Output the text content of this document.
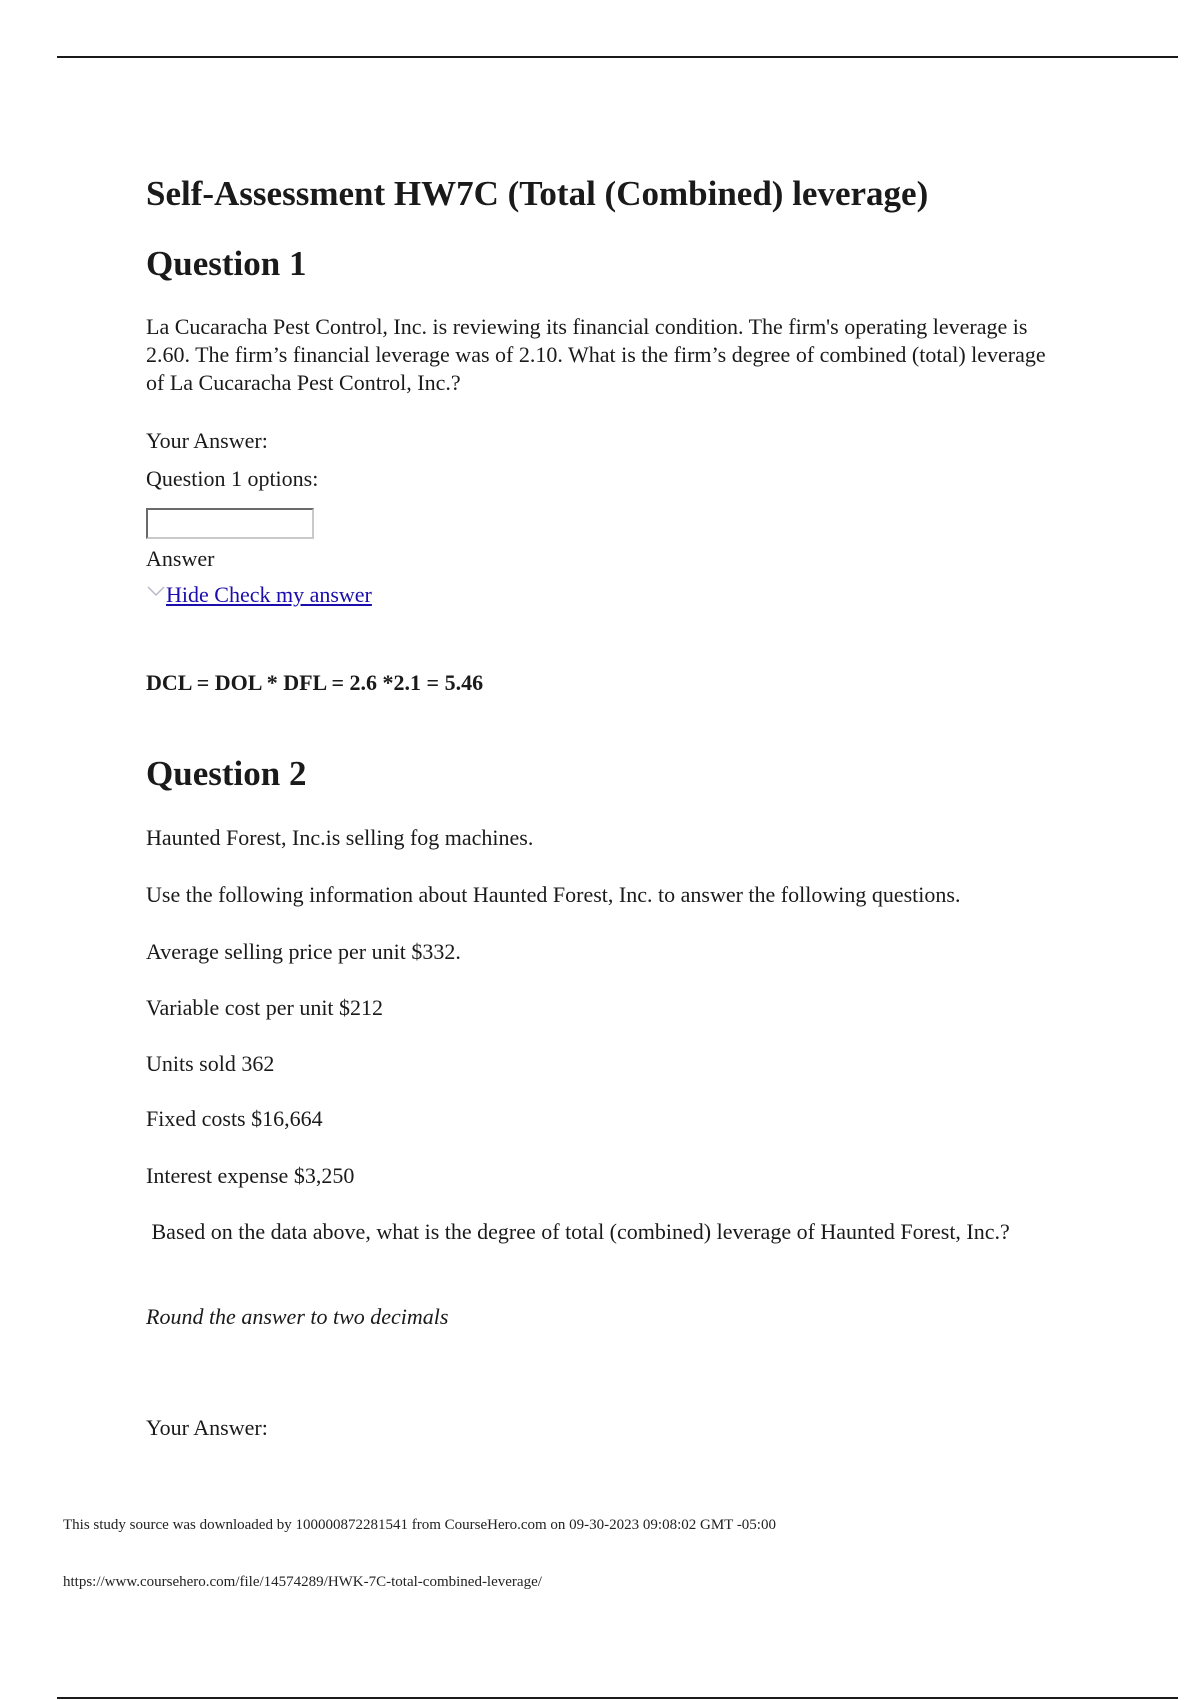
Self-Assessment HW7C (Total (Combined) leverage)
Question 1

La Cucaracha Pest Control, Inc. is reviewing its financial condition. The firm's operating leverage is 2.60. The firm’s financial leverage was of 2.10. What is the firm’s degree of combined (total) leverage of La Cucaracha Pest Control, Inc.?

Your Answer:

Question 1 options:

Answer

Hide Check my answer

DCL = DOL * DFL = 2.6 *2.1 = 5.46

Question 2

Haunted Forest, Inc.is selling fog machines.

Use the following information about Haunted Forest, Inc. to answer the following questions.

Average selling price per unit $332.

Variable cost per unit $212

Units sold 362

Fixed costs $16,664

Interest expense $3,250

Based on the data above, what is the degree of total (combined) leverage of Haunted Forest, Inc.?

Round the answer to two decimals

Your Answer:

This study source was downloaded by 100000872281541 from CourseHero.com on 09-30-2023 09:08:02 GMT -05:00
https://www.coursehero.com/file/14574289/HWK-7C-total-combined-leverage/
